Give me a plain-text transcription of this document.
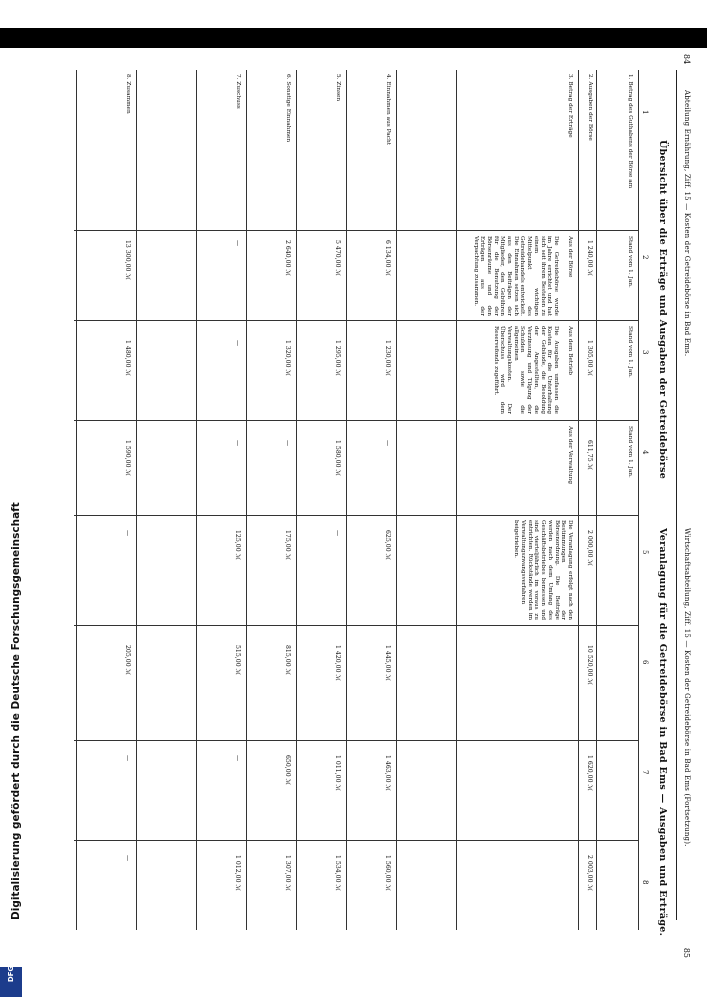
84
Abteilung Ernährung, Ziff. 15 — Kosten der Getreidebörse in Bad Ems.
Wirtschaftsabteilung, Ziff. 15 — Kosten der Getreidebörse in Bad Ems (Fortsetzung).
85
Übersicht über die Erträge und Ausgaben der Getreidebörse
Veranlagung für die Getreidebörse in Bad Ems — Ausgaben und Erträge.
1
2
3
4
5
6
7
8
1. Betrag des Guthabens der Börse am
Stand vom 1. Jan.
Stand vom 1. Jan.
Stand vom 1. Jan.
2. Ausgaben der Börse
1 240,00 ℳ
1 305,00 ℳ
611,75 ℳ
3. Betrag der Erträge
Aus der Börse
Aus dem Betrieb
Aus der Verwaltung
Die Getreidebörse wurde im Jahre errichtet und hat sich seit ihrem Bestehen zu einem wichtigen Mittelpunkt des Getreidehandels entwickelt. Die Einnahmen setzen sich aus den Beiträgen der Mitglieder, den Gebühren für die Benutzung der Börsenräume und den Erträgen aus der Verpachtung zusammen.
Die Ausgaben umfassen die Kosten für die Unterhaltung der Gebäude, die Besoldung der Angestellten, die Verzinsung und Tilgung der Schulden sowie die allgemeinen Verwaltungskosten. Der Überschuss wird dem Reservefonds zugeführt.
4. Einnahmen aus Pacht
6 134,00 ℳ
1 230,00 ℳ
—
5. Zinsen
5 470,00 ℳ
1 295,00 ℳ
1 580,00 ℳ
6. Sonstige Einnahmen
2 640,00 ℳ
1 320,00 ℳ
—
7. Zuschuss
—
—
—
8. Zusammen
13 300,00 ℳ
1 480,00 ℳ
1 590,00 ℳ
2 000,00 ℳ
10 520,00 ℳ
1 620,00 ℳ
2 003,00 ℳ
Die Veranlagung erfolgt nach den Bestimmungen der Börsenordnung. Die Beiträge werden nach dem Umfang des Geschäftsbetriebes bemessen und sind vierteljährlich im voraus zu entrichten. Rückstände werden im Verwaltungszwangsverfahren beigetrieben.
625,00 ℳ
1 445,00 ℳ
1 463,00 ℳ
1 560,00 ℳ
—
1 420,00 ℳ
1 011,00 ℳ
1 534,00 ℳ
175,00 ℳ
815,00 ℳ
650,00 ℳ
1 307,00 ℳ
125,00 ℳ
515,00 ℳ
—
1 012,00 ℳ
—
205,00 ℳ
—
—
Digitalisierung gefördert durch die Deutsche Forschungsgemeinschaft
DFG
